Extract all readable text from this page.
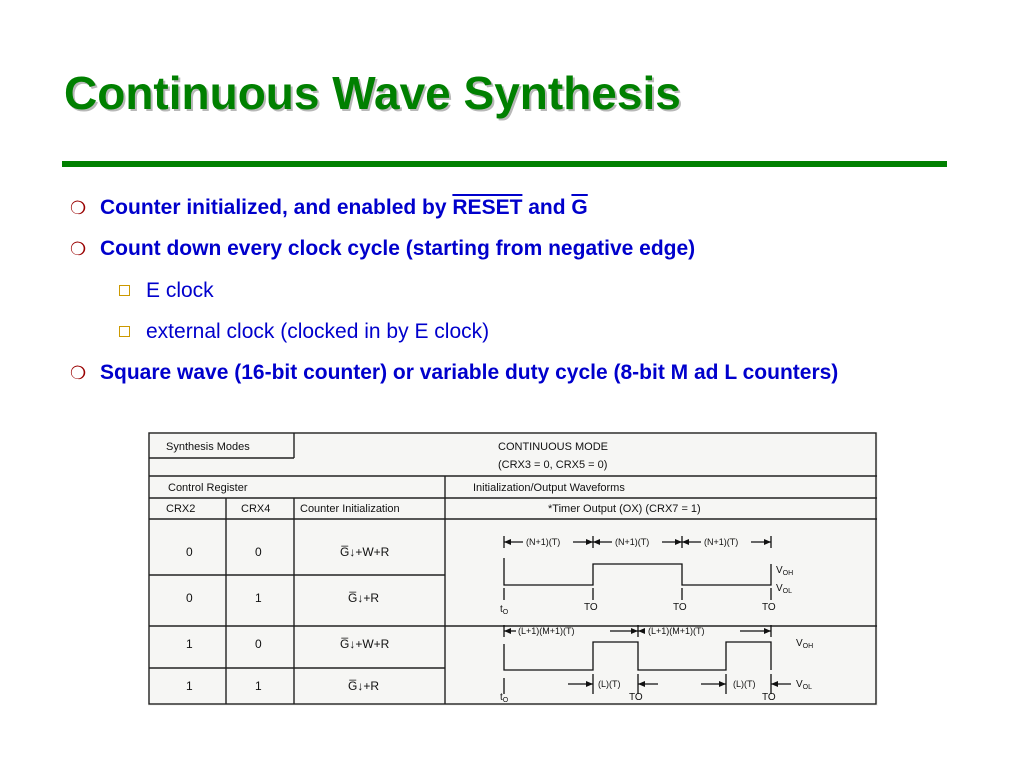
Continuous Wave Synthesis
❍ Counter initialized, and enabled by RESET and $\overline{G}$
❍ Count down every clock cycle (starting from negative edge)
E clock
external clock (clocked in by E clock)
❍ Square wave (16-bit counter) or variable duty cycle (8-bit M ad L counters)
Synthesis Modes	CONTINUOUS MODE
(CRX3 = 0, CRX5 = 0)
Control Register	Initialization/Output Waveforms
CRX2	CRX4	Counter Initialization	*Timer Output (OX) (CRX7 = 1)
0	0	G̅↓+W+R
0	1	G̅↓+R
1	0	G̅↓+W+R
1	1	G̅↓+R
(N+1)(T)	(N+1)(T)	(N+1)(T)
$V_{OH}$
$V_{OL}$
$t_O$	TO	TO	TO
(L+1)(M+1)(T)	(L+1)(M+1)(T)
(L)(T)	(L)(T)
$V_{OH}$
$V_{OL}$
$t_O$	TO	TO
